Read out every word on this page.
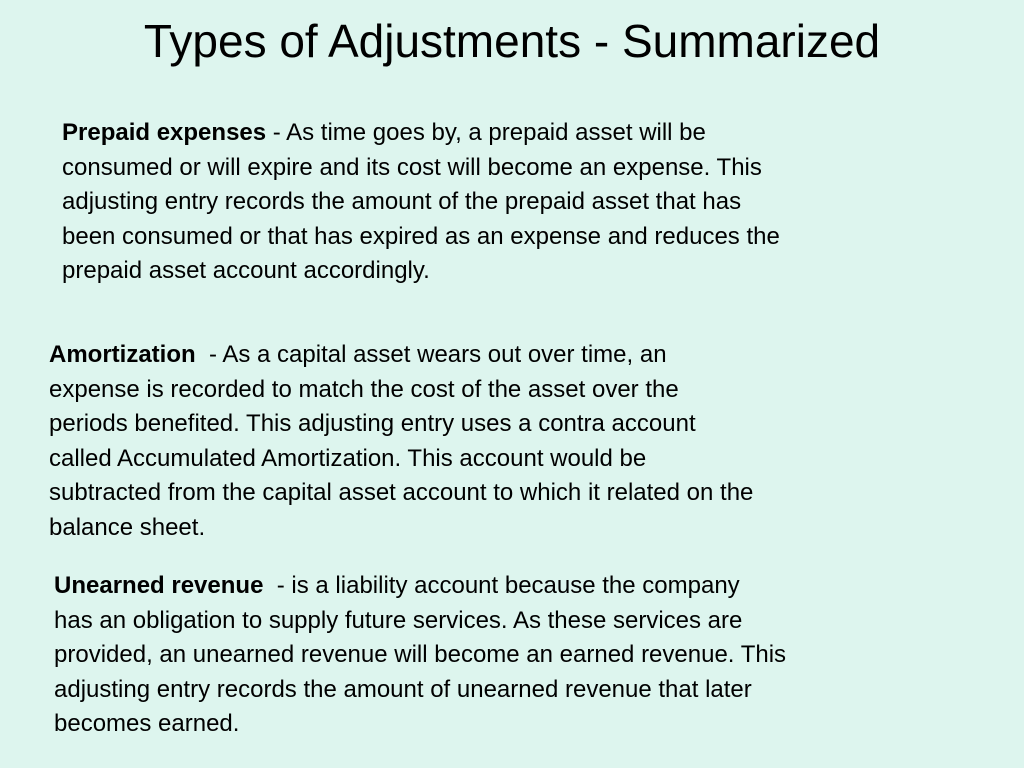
Types of Adjustments - Summarized

Prepaid expenses - As time goes by, a prepaid asset will be
consumed or will expire and its cost will become an expense. This
adjusting entry records the amount of the prepaid asset that has
been consumed or that has expired as an expense and reduces the
prepaid asset account accordingly.

Amortization  - As a capital asset wears out over time, an
expense is recorded to match the cost of the asset over the
periods benefited. This adjusting entry uses a contra account
called Accumulated Amortization. This account would be
subtracted from the capital asset account to which it related on the
balance sheet.

Unearned revenue  - is a liability account because the company
has an obligation to supply future services. As these services are
provided, an unearned revenue will become an earned revenue. This
adjusting entry records the amount of unearned revenue that later
becomes earned.
